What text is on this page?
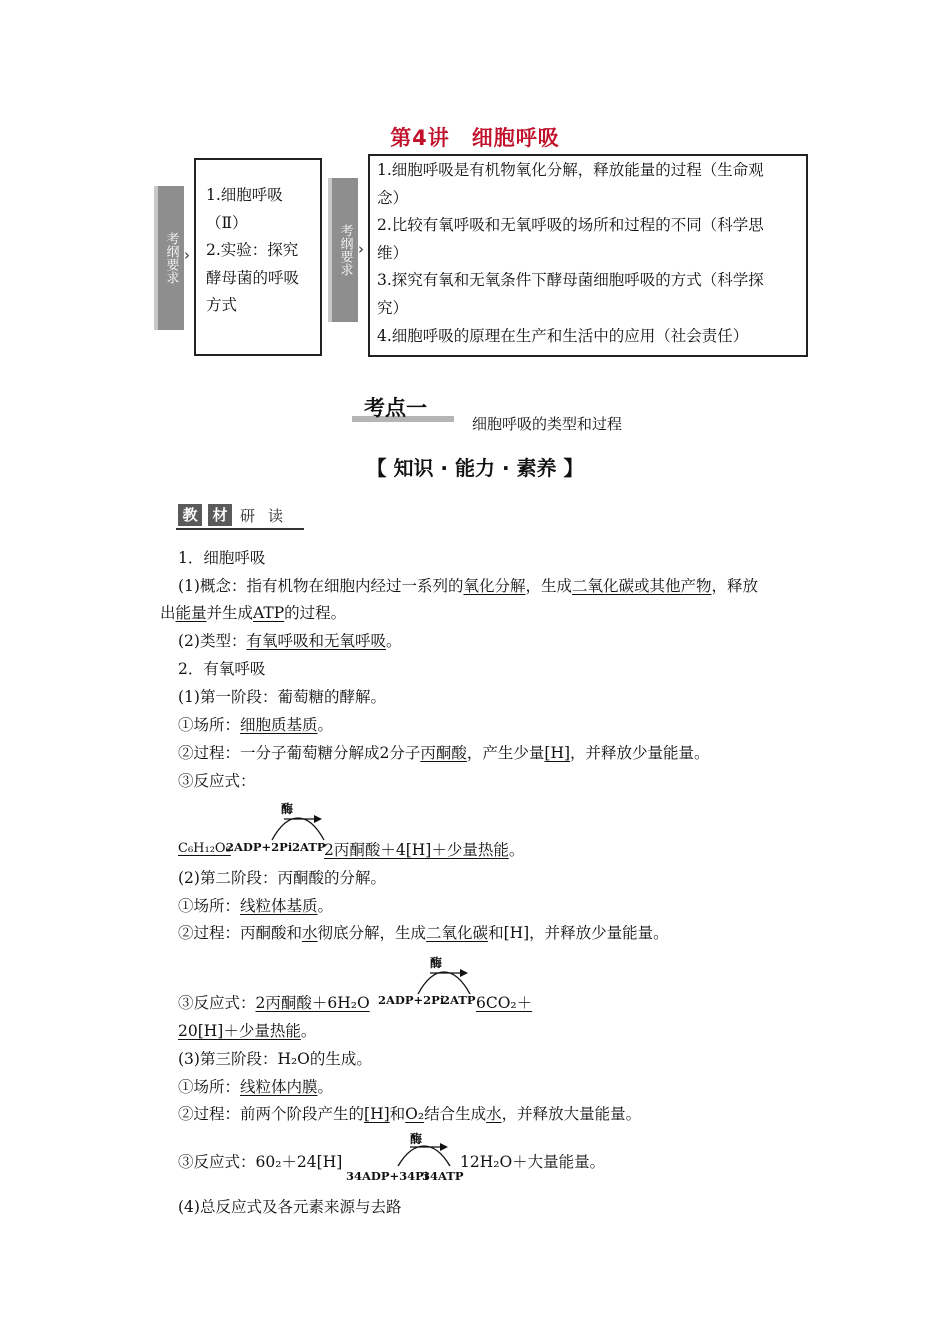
第4讲　细胞呼吸
考纲要求 ›
1.细胞呼吸
（Ⅱ）
2.实验：探究
酵母菌的呼吸
方式
考纲要求 ›
1.细胞呼吸是有机物氧化分解，释放能量的过程（生命观
念）
2.比较有氧呼吸和无氧呼吸的场所和过程的不同（科学思
维）
3.探究有氧和无氧条件下酵母菌细胞呼吸的方式（科学探
究）
4.细胞呼吸的原理在生产和生活中的应用（社会责任）
考点一
细胞呼吸的类型和过程
【 知识 · 能力 · 素养 】
教 材 研 读
1．细胞呼吸
(1)概念：指有机物在细胞内经过一系列的氧化分解，生成二氧化碳或其他产物，释放
出能量并生成ATP的过程。
(2)类型：有氧呼吸和无氧呼吸。
2．有氧呼吸
(1)第一阶段：葡萄糖的酵解。
①场所：细胞质基质。
②过程：一分子葡萄糖分解成2分子丙酮酸，产生少量[H]，并释放少量能量。
③反应式：
酶
C₆H₁₂O₆
2ADP+2Pi 2ATP
2丙酮酸＋4[H]＋少量热能。
(2)第二阶段：丙酮酸的分解。
①场所：线粒体基质。
②过程：丙酮酸和水彻底分解，生成二氧化碳和[H]，并释放少量能量。
酶
③反应式：2丙酮酸＋6H₂O 2ADP+2Pi
2ATP 6CO₂＋
20[H]＋少量热能。
(3)第三阶段：H₂O的生成。
①场所：线粒体内膜。
②过程：前两个阶段产生的[H]和O₂结合生成水，并释放大量能量。
酶
③反应式：60₂＋24[H]
34ADP+34Pi
34ATP
12H₂O＋大量能量。
(4)总反应式及各元素来源与去路
